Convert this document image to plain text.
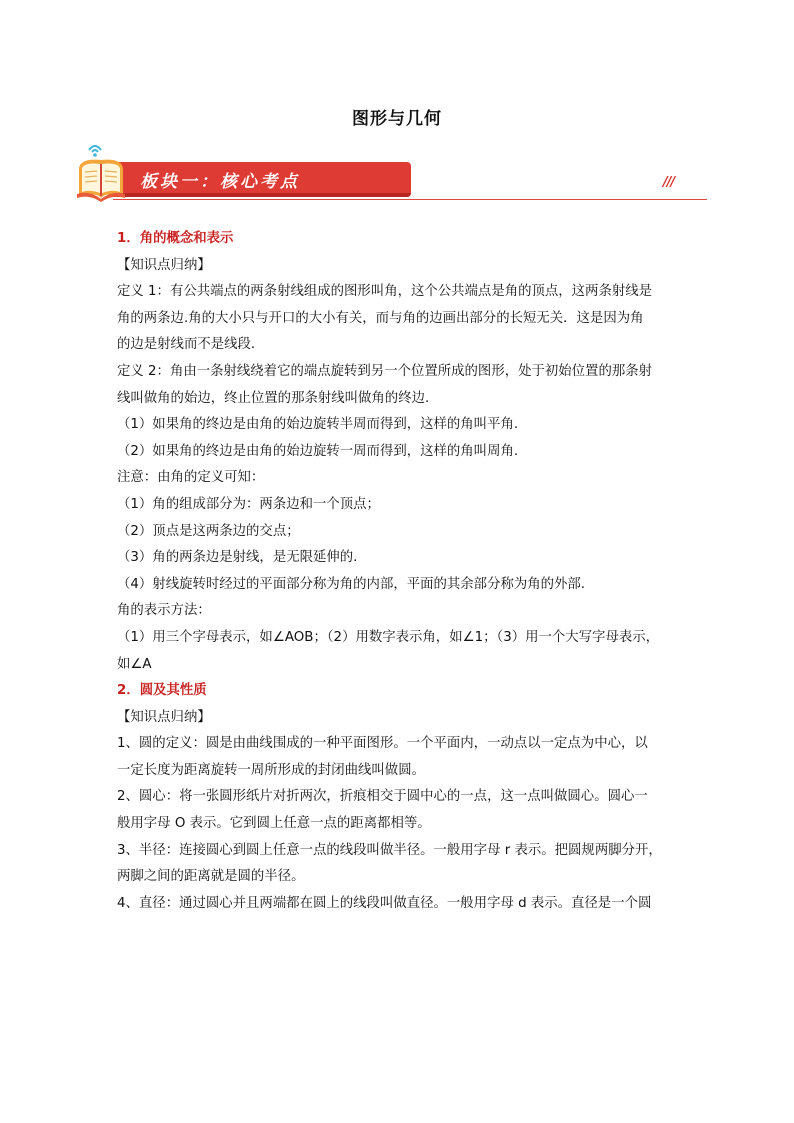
图形与几何
板块一：核心考点	///

1．角的概念和表示

【知识点归纳】

定义 1：有公共端点的两条射线组成的图形叫角，这个公共端点是角的顶点，这两条射线是

角的两条边.角的大小只与开口的大小有关，而与角的边画出部分的长短无关．这是因为角

的边是射线而不是线段．

定义 2：角由一条射线绕着它的端点旋转到另一个位置所成的图形，处于初始位置的那条射

线叫做角的始边，终止位置的那条射线叫做角的终边.

（1）如果角的终边是由角的始边旋转半周而得到，这样的角叫平角.

（2）如果角的终边是由角的始边旋转一周而得到，这样的角叫周角.

注意：由角的定义可知：

（1）角的组成部分为：两条边和一个顶点；

（2）顶点是这两条边的交点；

（3）角的两条边是射线，是无限延伸的.

（4）射线旋转时经过的平面部分称为角的内部，平面的其余部分称为角的外部.

角的表示方法：

（1）用三个字母表示，如∠AOB；（2）用数字表示角，如∠1；（3）用一个大写字母表示，

如∠A

2．圆及其性质

【知识点归纳】

1、圆的定义：圆是由曲线围成的一种平面图形。一个平面内，一动点以一定点为中心，以

一定长度为距离旋转一周所形成的封闭曲线叫做圆。

2、圆心：将一张圆形纸片对折两次，折痕相交于圆中心的一点，这一点叫做圆心。圆心一

般用字母 O 表示。它到圆上任意一点的距离都相等。

3、半径：连接圆心到圆上任意一点的线段叫做半径。一般用字母 r 表示。把圆规两脚分开，

两脚之间的距离就是圆的半径。

4、直径：通过圆心并且两端都在圆上的线段叫做直径。一般用字母 d 表示。直径是一个圆
